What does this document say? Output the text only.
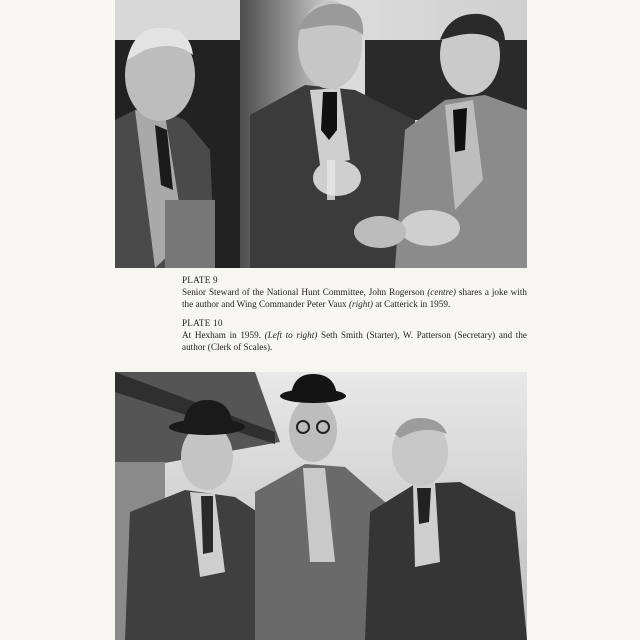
PLATE 9

Senior Steward of the National Hunt Committee, John Rogerson (centre) shares a joke with the author and Wing Commander Peter Vaux (right) at Catterick in 1959.

PLATE 10

At Hexham in 1959. (Left to right) Seth Smith (Starter), W. Patterson (Secretary) and the author (Clerk of Scales).
